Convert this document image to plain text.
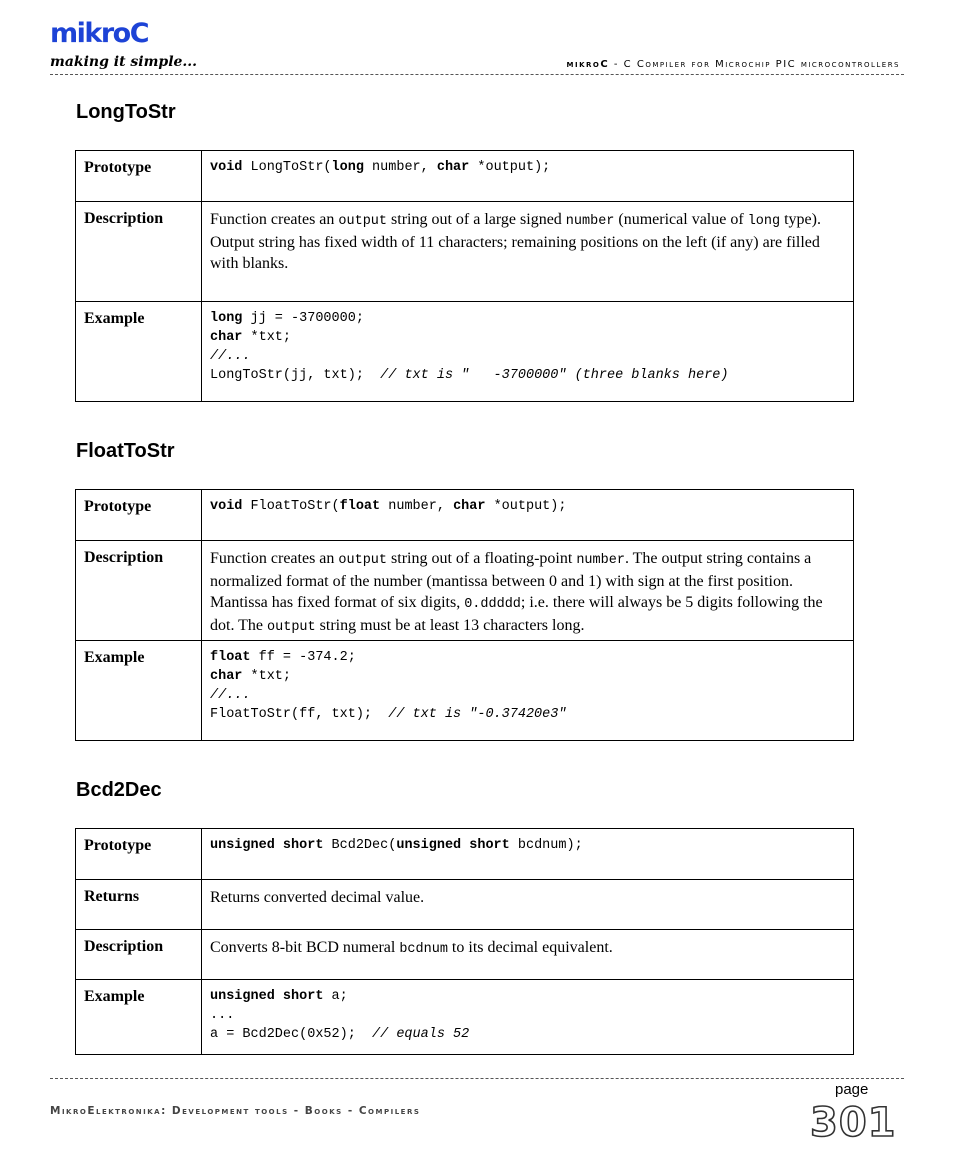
mikroC
making it simple...	mikroC - C Compiler for Microchip PIC microcontrollers
LongToStr
Prototype	void LongToStr(long number, char *output);

Description	Function creates an output string out of a large signed number (numerical value of long type). Output string has fixed width of 11 characters; remaining positions on the left (if any) are filled with blanks.
Example	long jj = -3700000;
char *txt;
//...
LongToStr(jj, txt);  // txt is "   -3700000" (three blanks here)
FloatToStr
Prototype	void FloatToStr(float number, char *output);

Description	Function creates an output string out of a floating-point number. The output string contains a normalized format of the number (mantissa between 0 and 1) with sign at the first position. Mantissa has fixed format of six digits, 0.ddddd; i.e. there will always be 5 digits following the dot. The output string must be at least 13 characters long.
Example	float ff = -374.2;
char *txt;
//...
FloatToStr(ff, txt);  // txt is "-0.37420e3"
Bcd2Dec
Prototype	unsigned short Bcd2Dec(unsigned short bcdnum);

Returns	Returns converted decimal value.
Description	Converts 8-bit BCD numeral bcdnum to its decimal equivalent.
Example	unsigned short a;
...
a = Bcd2Dec(0x52);  // equals 52
page
MikroElektronika: Development tools - Books - Compilers	301
